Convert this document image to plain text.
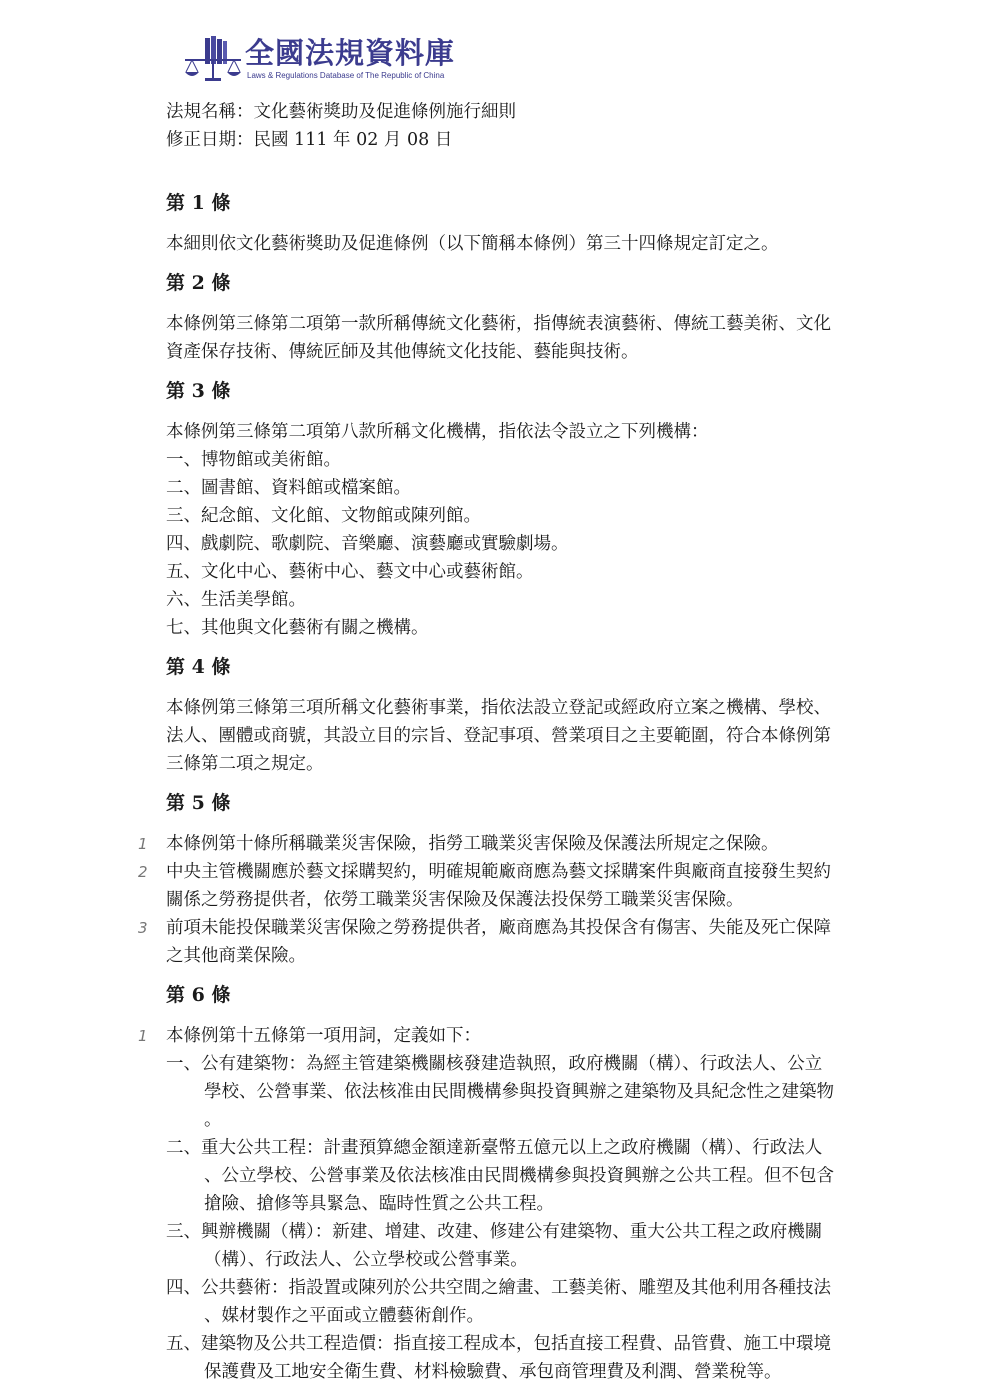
全國法規資料庫
Laws & Regulations Database of The Republic of China
法規名稱：文化藝術獎助及促進條例施行細則
修正日期：民國 111 年 02 月 08 日
第 1 條
本細則依文化藝術獎助及促進條例（以下簡稱本條例）第三十四條規定訂定之。
第 2 條
本條例第三條第二項第一款所稱傳統文化藝術，指傳統表演藝術、傳統工藝美術、文化
資產保存技術、傳統匠師及其他傳統文化技能、藝能與技術。
第 3 條
本條例第三條第二項第八款所稱文化機構，指依法令設立之下列機構：
一、博物館或美術館。
二、圖書館、資料館或檔案館。
三、紀念館、文化館、文物館或陳列館。
四、戲劇院、歌劇院、音樂廳、演藝廳或實驗劇場。
五、文化中心、藝術中心、藝文中心或藝術館。
六、生活美學館。
七、其他與文化藝術有關之機構。
第 4 條
本條例第三條第三項所稱文化藝術事業，指依法設立登記或經政府立案之機構、學校、
法人、團體或商號，其設立目的宗旨、登記事項、營業項目之主要範圍，符合本條例第
三條第二項之規定。
第 5 條
1 本條例第十條所稱職業災害保險，指勞工職業災害保險及保護法所規定之保險。
2 中央主管機關應於藝文採購契約，明確規範廠商應為藝文採購案件與廠商直接發生契約
關係之勞務提供者，依勞工職業災害保險及保護法投保勞工職業災害保險。
3 前項未能投保職業災害保險之勞務提供者，廠商應為其投保含有傷害、失能及死亡保障
之其他商業保險。
第 6 條
1 本條例第十五條第一項用詞，定義如下：
一、公有建築物：為經主管建築機關核發建造執照，政府機關（構）、行政法人、公立
學校、公營事業、依法核准由民間機構參與投資興辦之建築物及具紀念性之建築物
。
二、重大公共工程：計畫預算總金額達新臺幣五億元以上之政府機關（構）、行政法人
、公立學校、公營事業及依法核准由民間機構參與投資興辦之公共工程。但不包含
搶險、搶修等具緊急、臨時性質之公共工程。
三、興辦機關（構）：新建、增建、改建、修建公有建築物、重大公共工程之政府機關
（構）、行政法人、公立學校或公營事業。
四、公共藝術：指設置或陳列於公共空間之繪畫、工藝美術、雕塑及其他利用各種技法
、媒材製作之平面或立體藝術創作。
五、建築物及公共工程造價：指直接工程成本，包括直接工程費、品管費、施工中環境
保護費及工地安全衛生費、材料檢驗費、承包商管理費及利潤、營業稅等。
